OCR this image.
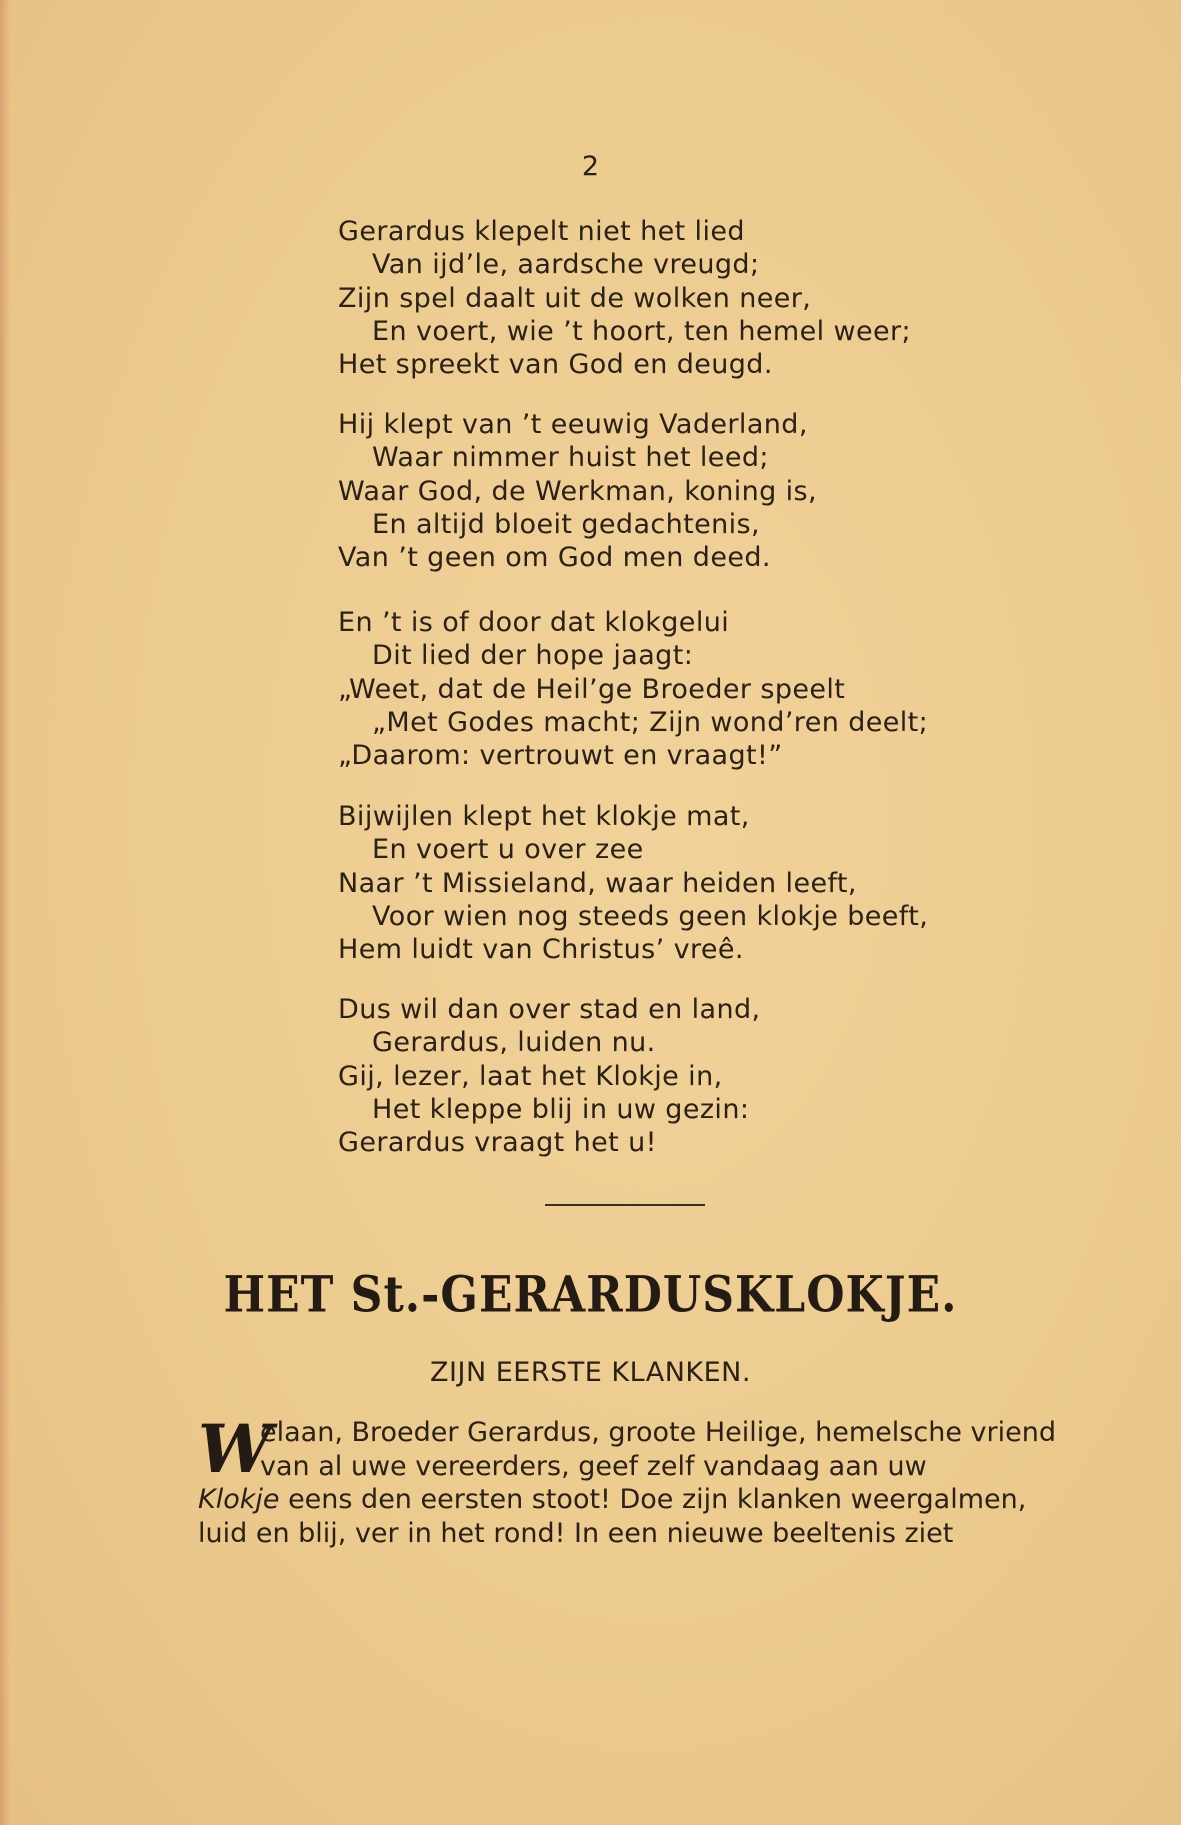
2
Gerardus klepelt niet het lied
Van ijd’le, aardsche vreugd;
Zijn spel daalt uit de wolken neer,
En voert, wie ’t hoort, ten hemel weer;
Het spreekt van God en deugd.
Hij klept van ’t eeuwig Vaderland,
Waar nimmer huist het leed;
Waar God, de Werkman, koning is,
En altijd bloeit gedachtenis,
Van ’t geen om God men deed.
En ’t is of door dat klokgelui
Dit lied der hope jaagt:
„Weet, dat de Heil’ge Broeder speelt
„Met Godes macht; Zijn wond’ren deelt;
„Daarom: vertrouwt en vraagt!”
Bijwijlen klept het klokje mat,
En voert u over zee
Naar ’t Missieland, waar heiden leeft,
Voor wien nog steeds geen klokje beeft,
Hem luidt van Christus’ vreê.
Dus wil dan over stad en land,
Gerardus, luiden nu.
Gij, lezer, laat het Klokje in,
Het kleppe blij in uw gezin:
Gerardus vraagt het u!
HET St.-GERARDUSKLOKJE.
ZIJN EERSTE KLANKEN.
W
elaan, Broeder Gerardus, groote Heilige, hemelsche vriend
van al uwe vereerders, geef zelf vandaag aan uw
Klokje eens den eersten stoot! Doe zijn klanken weergalmen,
luid en blij, ver in het rond! In een nieuwe beeltenis ziet
